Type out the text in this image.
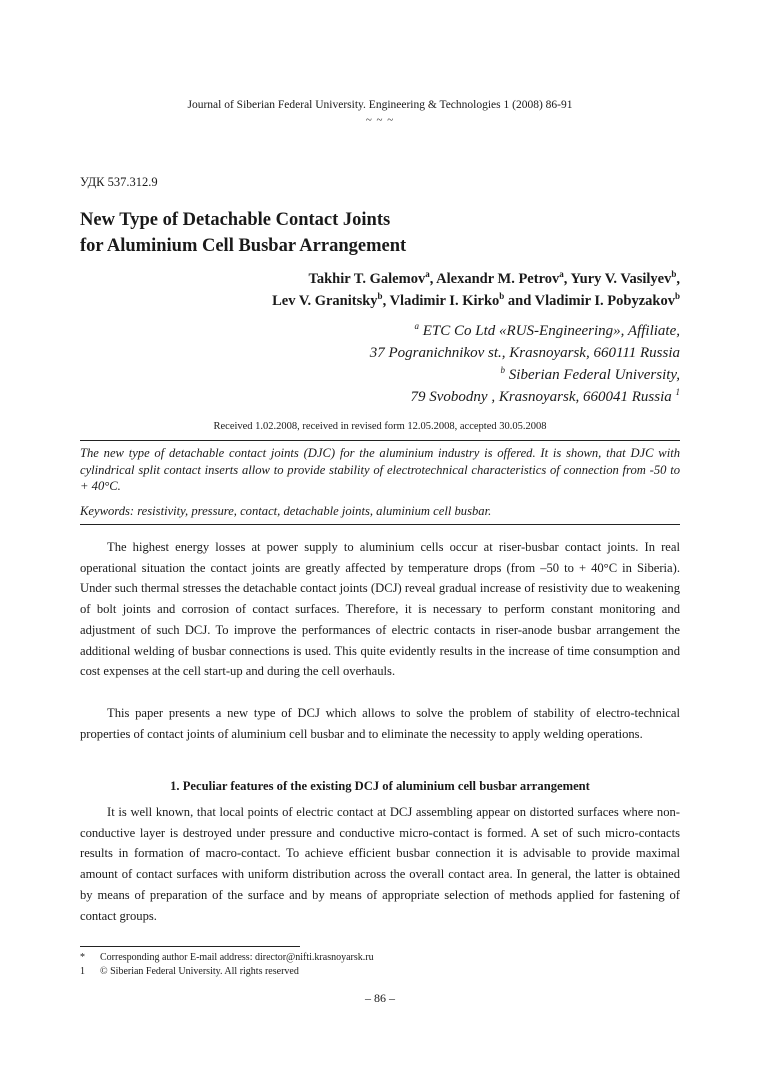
Journal of Siberian Federal University. Engineering & Technologies 1 (2008) 86-91
~ ~ ~
УДК 537.312.9
New Type of Detachable Contact Joints
for Aluminium Cell Busbar Arrangement
Takhir T. Galemov$^a$, Alexandr M. Petrov$^a$, Yury V. Vasilyev$^b$,
Lev V. Granitsky$^b$, Vladimir I. Kirko$^b$ and Vladimir I. Pobyzakov$^b$
$^a$ ETC Co Ltd «RUS-Engineering», Affiliate,
37 Pogranichnikov st., Krasnoyarsk, 660111 Russia
$^b$ Siberian Federal University,
79 Svobodny , Krasnoyarsk, 660041 Russia $^1$
Received 1.02.2008, received in revised form 12.05.2008, accepted 30.05.2008
The new type of detachable contact joints (DJC) for the aluminium industry is offered. It is shown, that DJC with cylindrical split contact inserts allow to provide stability of electrotechnical characteristics of connection from -50 to + 40°C.
Keywords: resistivity, pressure, contact, detachable joints, aluminium cell busbar.

The highest energy losses at power supply to aluminium cells occur at riser-busbar contact joints. In real operational situation the contact joints are greatly affected by temperature drops (from –50 to + 40°C in Siberia). Under such thermal stresses the detachable contact joints (DCJ) reveal gradual increase of resistivity due to weakening of bolt joints and corrosion of contact surfaces. Therefore, it is necessary to perform constant monitoring and adjustment of such DCJ. To improve the performances of electric contacts in riser-anode busbar arrangement the additional welding of busbar connections is used. This quite evidently results in the increase of time consumption and cost expenses at the cell start-up and during the cell overhauls.

This paper presents a new type of DCJ which allows to solve the problem of stability of electro-technical properties of contact joints of aluminium cell busbar and to eliminate the necessity to apply welding operations.

1. Peculiar features of the existing DCJ of aluminium cell busbar arrangement

It is well known, that local points of electric contact at DCJ assembling appear on distorted surfaces where non-conductive layer is destroyed under pressure and conductive micro-contact is formed. A set of such micro-contacts results in formation of macro-contact. To achieve efficient busbar connection it is advisable to provide maximal amount of contact surfaces with uniform distribution across the overall contact area. In general, the latter is obtained by means of preparation of the surface and by means of appropriate selection of methods applied for fastening of contact groups.

* Corresponding author E-mail address: director@nifti.krasnoyarsk.ru
1 © Siberian Federal University. All rights reserved
– 86 –
